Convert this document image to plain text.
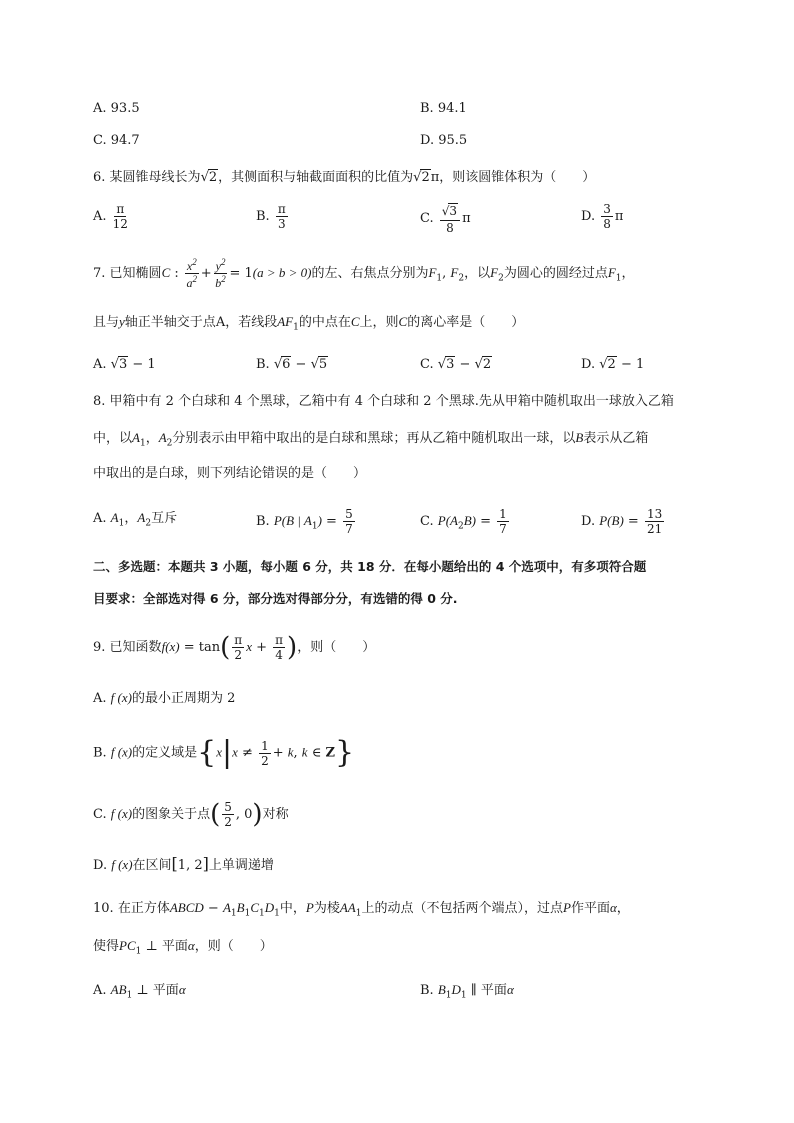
A. 93.5	B. 94.1
C. 94.7	D. 95.5
6. 某圆锥母线长为√2，其侧面积与轴截面面积的比值为√2π，则该圆锥体积为（　　）
A. $\frac{\pi}{12}$	B. $\frac{\pi}{3}$	C. $\frac{√3}{8}$ π	D. $\frac{3}{8}$ π
7. 已知椭圆C : $\frac{x^2}{a^2} + \frac{y^2}{b^2} = 1(a > b > 0)$的左、右焦点分别为$F_1$, $F_2$，以$F_2$为圆心的圆经过点$F_1$，
且与y轴正半轴交于点A，若线段$AF_1$的中点在C上，则C的离心率是（　　）
A. √3 − 1	B. √6 − √5	C. √3 − √2	D. √2 − 1
8. 甲箱中有 2 个白球和 4 个黑球，乙箱中有 4 个白球和 2 个黑球.先从甲箱中随机取出一球放入乙箱
中，以$A_1$，$A_2$分别表示由甲箱中取出的是白球和黑球；再从乙箱中随机取出一球，以B表示从乙箱
中取出的是白球，则下列结论错误的是（　　）
A. $A_1$，$A_2$互斥	B. P(B | $A_1) = \frac{5}{7}$	C. $P(A_2B) = \frac{1}{7}$	D. $P(B) = \frac{13}{21}$
二、多选题：本题共 3 小题，每小题 6 分，共 18 分．在每小题给出的 4 个选项中，有多项符合题
目要求：全部选对得 6 分，部分选对得部分分，有选错的得 0 分.
9. 已知函数$f(x) = \tan( \frac{\pi}{2}$ $x + \frac{\pi}{4}$ )，则（　　）
A. f (x)的最小正周期为 2
B. f (x)的定义域是{$x|x \ne \frac{1}{2} + k$, k ∈ Z}
C. f (x)的图象关于点( $\frac{5}{2}$ , 0)对称
D. f (x)在区间[1, 2]上单调递增
10. 在正方体ABCD − $A_1B_1C_1D_1$中，P为棱$AA_1$上的动点（不包括两个端点），过点P作平面α，
使得$PC_1$ ⊥ 平面α，则（　　）
A. $AB_1$ ⊥ 平面α	B. $B_1D_1$ ∥ 平面α
